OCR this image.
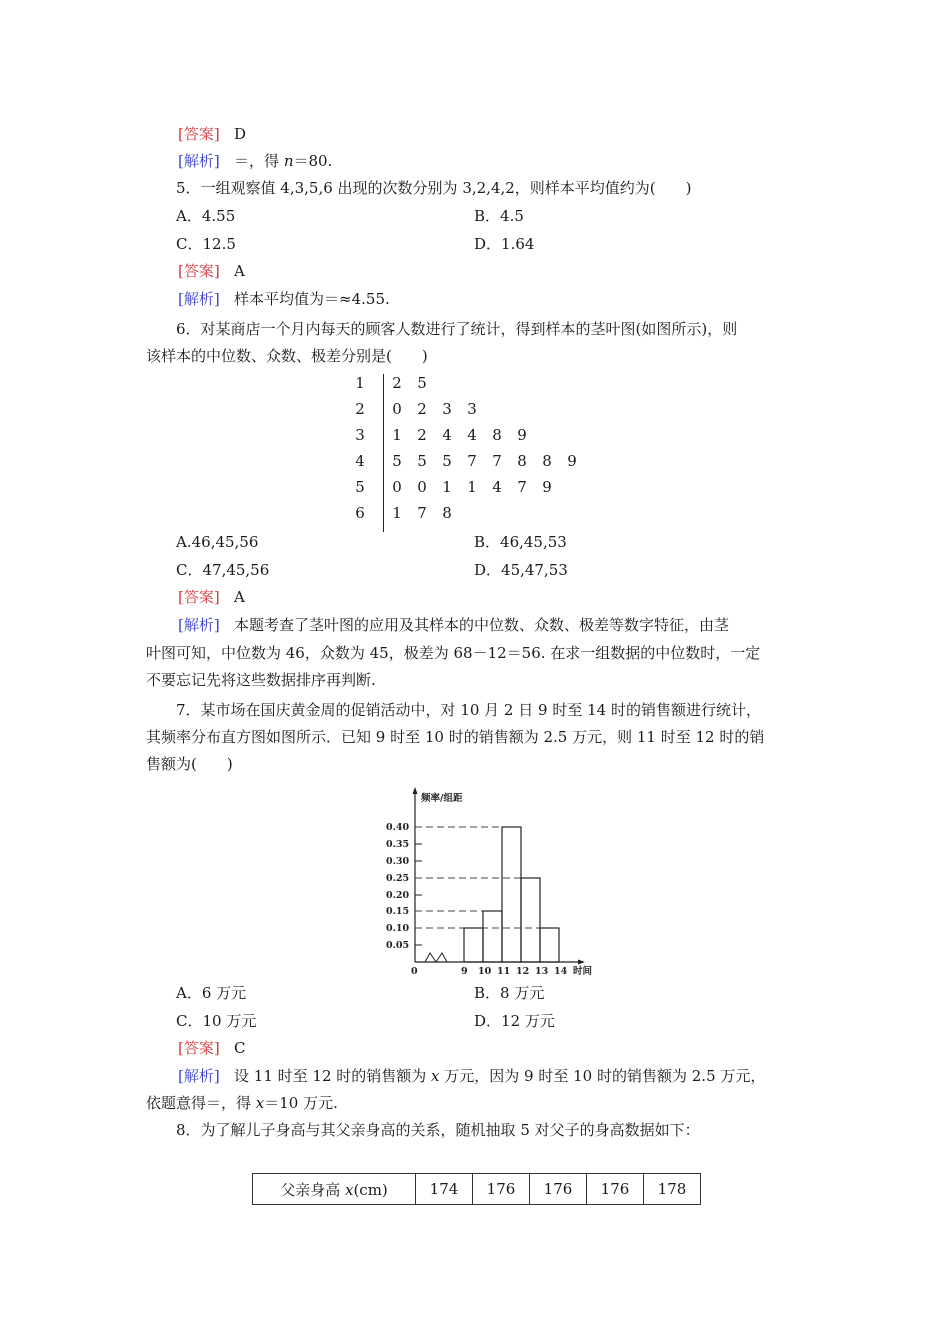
[答案] D
[解析] ＝，得 n＝80.
5．一组观察值 4,3,5,6 出现的次数分别为 3,2,4,2，则样本平均值约为(　　)
A．4.55	B．4.5
C．12.5	D．1.64
[答案] A
[解析] 样本平均值为＝≈4.55.
6．对某商店一个月内每天的顾客人数进行了统计，得到样本的茎叶图(如图所示)，则
该样本的中位数、众数、极差分别是(　　)
1	2	5
2	0	2	3	3
3	1	2	4	4	8	9
4	5	5	5	7	7	8	8	9
5	0	0	1	1	4	7	9
6	1	7	8
A.46,45,56	B．46,45,53
C．47,45,56	D．45,47,53
[答案] A
[解析] 本题考查了茎叶图的应用及其样本的中位数、众数、极差等数字特征，由茎
叶图可知，中位数为 46，众数为 45，极差为 68－12＝56. 在求一组数据的中位数时，一定
不要忘记先将这些数据排序再判断.
7．某市场在国庆黄金周的促销活动中，对 10 月 2 日 9 时至 14 时的销售额进行统计，
其频率分布直方图如图所示．已知 9 时至 10 时的销售额为 2.5 万元，则 11 时至 12 时的销
售额为(　　)
频率/组距
0.40
0.35
0.30
0.25
0.20
0.15
0.10
0.05
0	9 10 11 12 13 14 时间
A．6 万元	B．8 万元
C．10 万元	D．12 万元
[答案] C
[解析] 设 11 时至 12 时的销售额为 x 万元，因为 9 时至 10 时的销售额为 2.5 万元，
依题意得＝，得 x＝10 万元.
8．为了解儿子身高与其父亲身高的关系，随机抽取 5 对父子的身高数据如下：
父亲身高 x(cm)	174	176	176	176	178
